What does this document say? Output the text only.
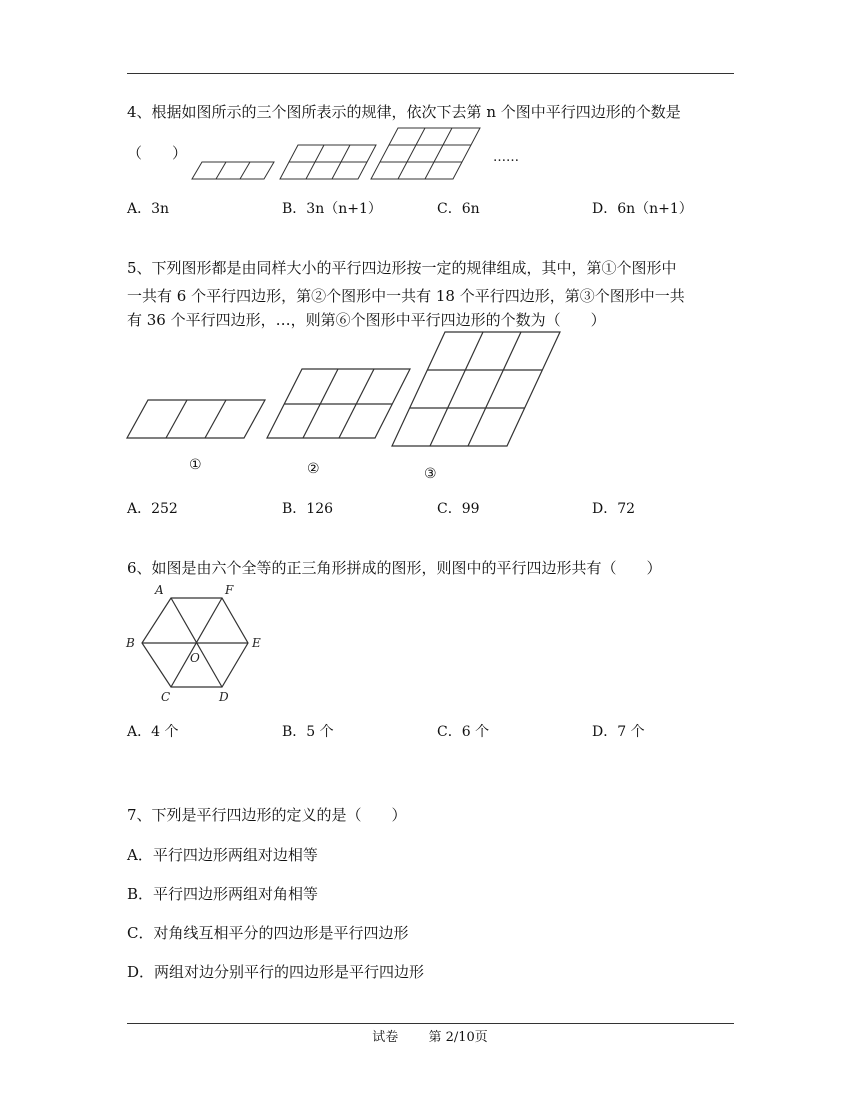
4、根据如图所示的三个图所表示的规律，依次下去第 n 个图中平行四边形的个数是
（　　）	……
A．3n	B．3n（n+1）	C．6n	D．6n（n+1）
5、下列图形都是由同样大小的平行四边形按一定的规律组成，其中，第①个图形中
一共有 6 个平行四边形，第②个图形中一共有 18 个平行四边形，第③个图形中一共
有 36 个平行四边形，…，则第⑥个图形中平行四边形的个数为（　　）
①	②	③
A．252	B．126	C．99	D．72
6、如图是由六个全等的正三角形拼成的图形，则图中的平行四边形共有（　　）
A	F
B
O
E
C	D
A．4 个	B．5 个	C．6 个	D．7 个
7、下列是平行四边形的定义的是（　　）
A．平行四边形两组对边相等
B．平行四边形两组对角相等
C．对角线互相平分的四边形是平行四边形
D．两组对边分别平行的四边形是平行四边形
试卷 第 2/10页
